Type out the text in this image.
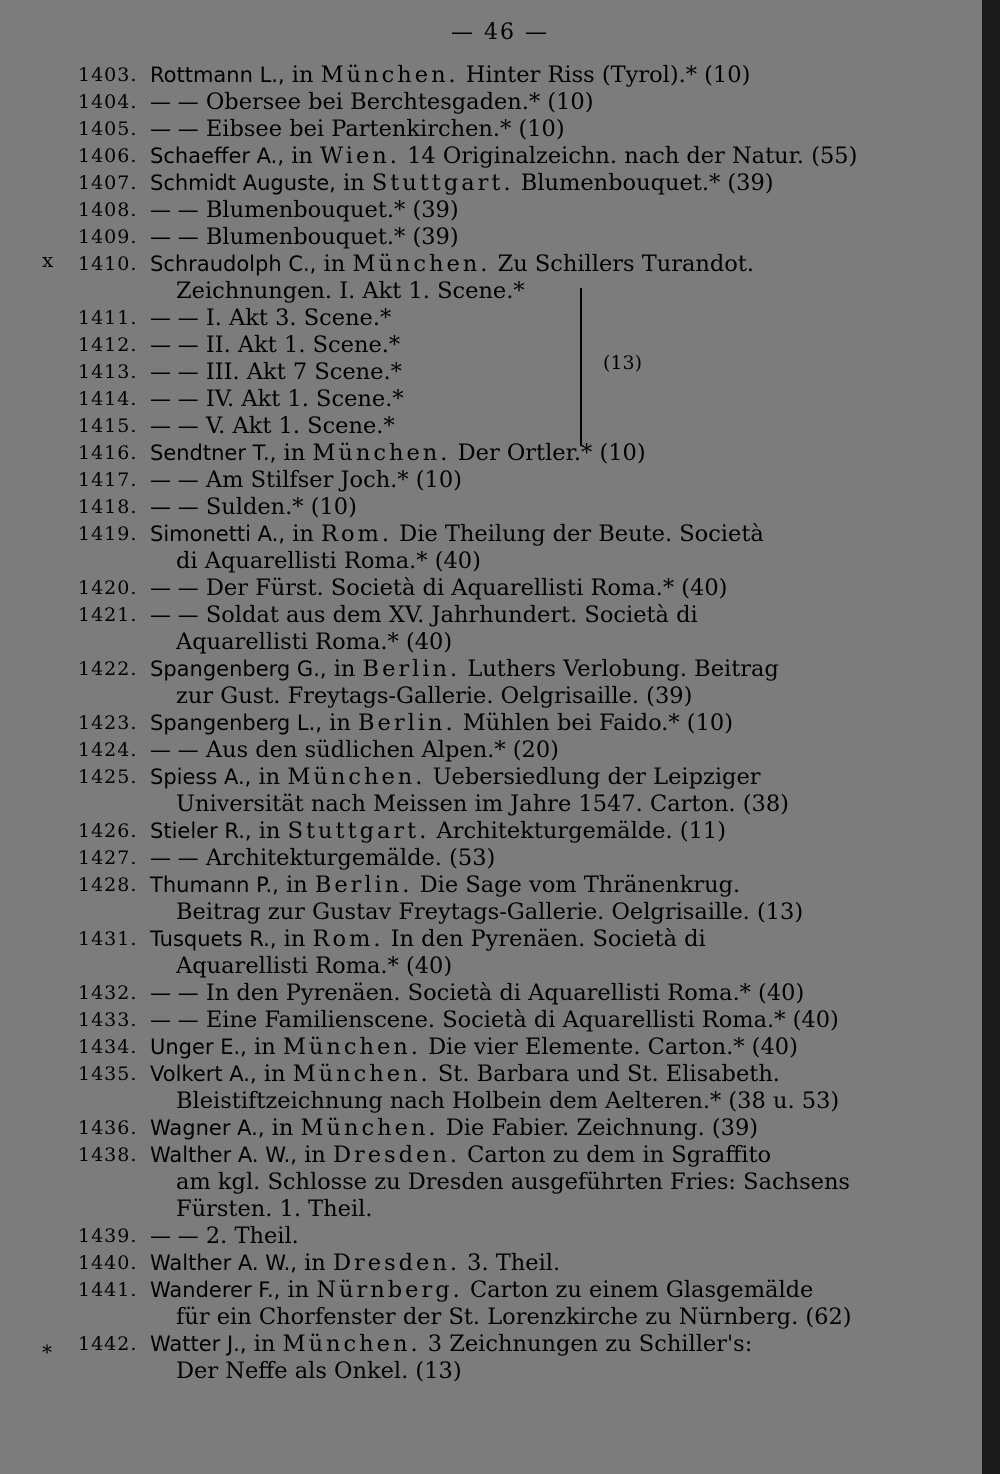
— 46 —
x
*
(13)
1403. Rottmann L., in München. Hinter Riss (Tyrol).* (10)
1404. — — Obersee bei Berchtesgaden.* (10)
1405. — — Eibsee bei Partenkirchen.* (10)
1406. Schaeffer A., in Wien. 14 Originalzeichn. nach der Natur. (55)
1407. Schmidt Auguste, in Stuttgart. Blumenbouquet.* (39)
1408. — — Blumenbouquet.* (39)
1409. — — Blumenbouquet.* (39)
1410. Schraudolph C., in München. Zu Schillers Turandot.
Zeichnungen. I. Akt 1. Scene.*
1411. — — I. Akt 3. Scene.*
1412. — — II. Akt 1. Scene.*
1413. — — III. Akt 7 Scene.*
1414. — — IV. Akt 1. Scene.*
1415. — — V. Akt 1. Scene.*
1416. Sendtner T., in München. Der Ortler.* (10)
1417. — — Am Stilfser Joch.* (10)
1418. — — Sulden.* (10)
1419. Simonetti A., in Rom. Die Theilung der Beute. Società
di Aquarellisti Roma.* (40)
1420. — — Der Fürst. Società di Aquarellisti Roma.* (40)
1421. — — Soldat aus dem XV. Jahrhundert. Società di
Aquarellisti Roma.* (40)
1422. Spangenberg G., in Berlin. Luthers Verlobung. Beitrag
zur Gust. Freytags-Gallerie. Oelgrisaille. (39)
1423. Spangenberg L., in Berlin. Mühlen bei Faido.* (10)
1424. — — Aus den südlichen Alpen.* (20)
1425. Spiess A., in München. Uebersiedlung der Leipziger
Universität nach Meissen im Jahre 1547. Carton. (38)
1426. Stieler R., in Stuttgart. Architekturgemälde. (11)
1427. — — Architekturgemälde. (53)
1428. Thumann P., in Berlin. Die Sage vom Thränenkrug.
Beitrag zur Gustav Freytags-Gallerie. Oelgrisaille. (13)
1431. Tusquets R., in Rom. In den Pyrenäen. Società di
Aquarellisti Roma.* (40)
1432. — — In den Pyrenäen. Società di Aquarellisti Roma.* (40)
1433. — — Eine Familienscene. Società di Aquarellisti Roma.* (40)
1434. Unger E., in München. Die vier Elemente. Carton.* (40)
1435. Volkert A., in München. St. Barbara und St. Elisabeth.
Bleistiftzeichnung nach Holbein dem Aelteren.* (38 u. 53)
1436. Wagner A., in München. Die Fabier. Zeichnung. (39)
1438. Walther A. W., in Dresden. Carton zu dem in Sgraffito
am kgl. Schlosse zu Dresden ausgeführten Fries: Sachsens Fürsten. 1. Theil.
1439. — — 2. Theil.
1440. Walther A. W., in Dresden. 3. Theil.
1441. Wanderer F., in Nürnberg. Carton zu einem Glasgemälde
für ein Chorfenster der St. Lorenzkirche zu Nürnberg. (62)
1442. Watter J., in München. 3 Zeichnungen zu Schiller's:
Der Neffe als Onkel. (13)
